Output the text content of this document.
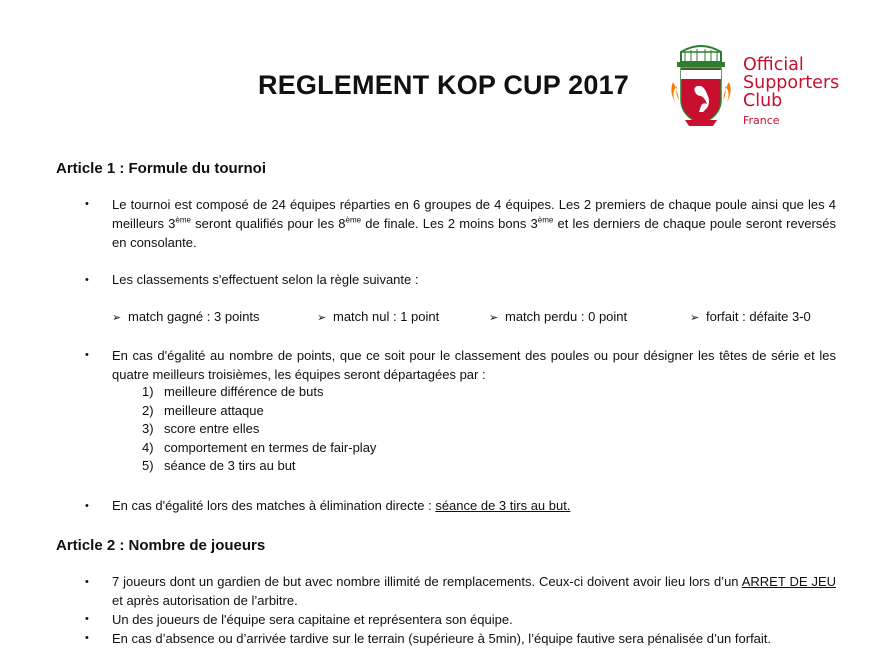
REGLEMENT KOP CUP 2017
Official
Supporters
Club
France
Article 1 : Formule du tournoi
• Le tournoi est composé de 24 équipes réparties en 6 groupes de 4 équipes. Les 2 premiers de chaque poule ainsi que les 4 meilleurs 3ème seront qualifiés pour les 8ème de finale. Les 2 moins bons 3ème et les derniers de chaque poule seront reversés en consolante.
• Les classements s'effectuent selon la règle suivante :
➢ match gagné : 3 points	➢ match nul : 1 point	➢ match perdu : 0 point	➢ forfait : défaite 3-0
• En cas d'égalité au nombre de points, que ce soit pour le classement des poules ou pour désigner les têtes de série et les quatre meilleurs troisièmes, les équipes seront départagées par :
1) meilleure différence de buts
2) meilleure attaque
3) score entre elles
4) comportement en termes de fair-play
5) séance de 3 tirs au but
• En cas d'égalité lors des matches à élimination directe : séance de 3 tirs au but.
Article 2 : Nombre de joueurs
• 7 joueurs dont un gardien de but avec nombre illimité de remplacements. Ceux-ci doivent avoir lieu lors d’un ARRET DE JEU et après autorisation de l’arbitre.
• Un des joueurs de l'équipe sera capitaine et représentera son équipe.
• En cas d’absence ou d’arrivée tardive sur le terrain (supérieure à 5min), l’équipe fautive sera pénalisée d’un forfait.
